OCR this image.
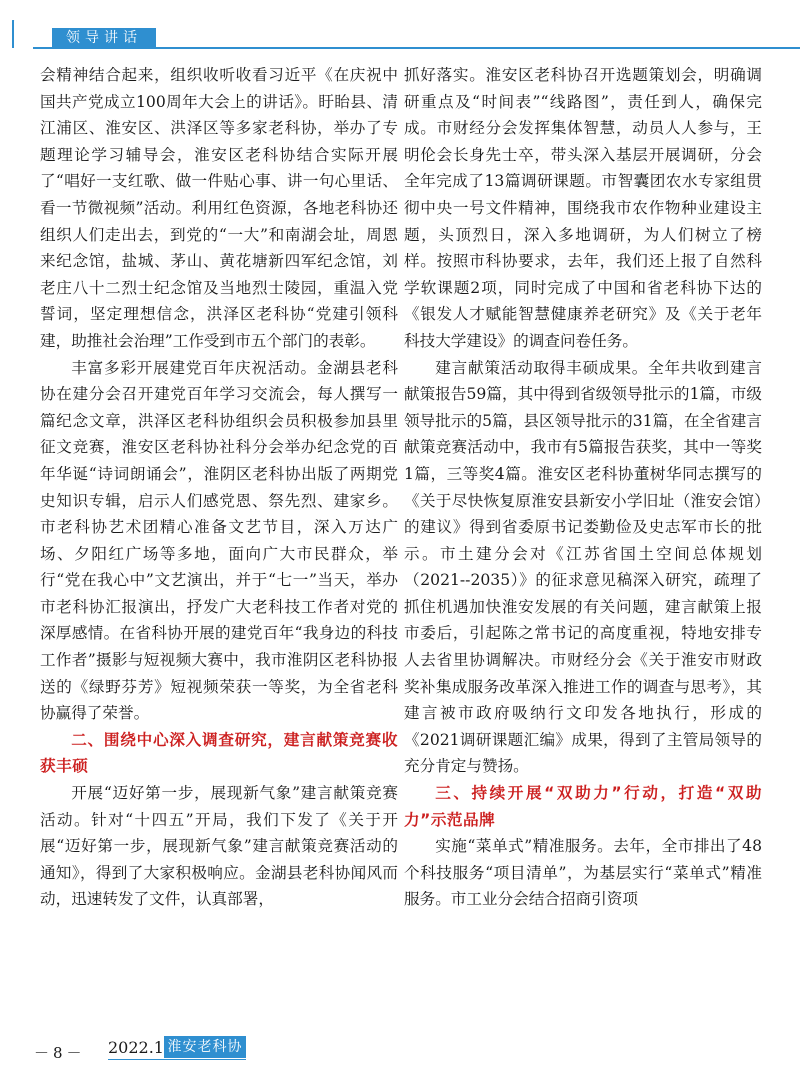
领导讲话

会精神结合起来，组织收听收看习近平《在庆祝中国共产党成立100周年大会上的讲话》。盱眙县、清江浦区、淮安区、洪泽区等多家老科协，举办了专题理论学习辅导会，淮安区老科协结合实际开展了“唱好一支红歌、做一件贴心事、讲一句心里话、看一节微视频”活动。利用红色资源，各地老科协还组织人们走出去，到党的“一大”和南湖会址，周恩来纪念馆，盐城、茅山、黄花塘新四军纪念馆，刘老庄八十二烈士纪念馆及当地烈士陵园，重温入党誓词，坚定理想信念，洪泽区老科协“党建引领科建，助推社会治理”工作受到市五个部门的表彰。

丰富多彩开展建党百年庆祝活动。金湖县老科协在建分会召开建党百年学习交流会，每人撰写一篇纪念文章，洪泽区老科协组织会员积极参加县里征文竞赛，淮安区老科协社科分会举办纪念党的百年华诞“诗词朗诵会”，淮阴区老科协出版了两期党史知识专辑，启示人们感党恩、祭先烈、建家乡。市老科协艺术团精心准备文艺节目，深入万达广场、夕阳红广场等多地，面向广大市民群众，举行“党在我心中”文艺演出，并于“七一”当天，举办市老科协汇报演出，抒发广大老科技工作者对党的深厚感情。在省科协开展的建党百年“我身边的科技工作者”摄影与短视频大赛中，我市淮阴区老科协报送的《绿野芬芳》短视频荣获一等奖，为全省老科协赢得了荣誉。

二、围绕中心深入调查研究，建言献策竞赛收获丰硕

开展“迈好第一步，展现新气象”建言献策竞赛活动。针对“十四五”开局，我们下发了《关于开展“迈好第一步，展现新气象”建言献策竞赛活动的通知》，得到了大家积极响应。金湖县老科协闻风而动，迅速转发了文件，认真部署，

抓好落实。淮安区老科协召开选题策划会，明确调研重点及“时间表”“线路图”，责任到人，确保完成。市财经分会发挥集体智慧，动员人人参与，王明伦会长身先士卒，带头深入基层开展调研，分会全年完成了13篇调研课题。市智囊团农水专家组贯彻中央一号文件精神，围绕我市农作物种业建设主题，头顶烈日，深入多地调研，为人们树立了榜样。按照市科协要求，去年，我们还上报了自然科学软课题2项，同时完成了中国和省老科协下达的《银发人才赋能智慧健康养老研究》及《关于老年科技大学建设》的调查问卷任务。

建言献策活动取得丰硕成果。全年共收到建言献策报告59篇，其中得到省级领导批示的1篇，市级领导批示的5篇，县区领导批示的31篇，在全省建言献策竞赛活动中，我市有5篇报告获奖，其中一等奖1篇，三等奖4篇。淮安区老科协董树华同志撰写的《关于尽快恢复原淮安县新安小学旧址（淮安会馆）的建议》得到省委原书记娄勤俭及史志军市长的批示。市土建分会对《江苏省国土空间总体规划（2021--2035）》的征求意见稿深入研究，疏理了抓住机遇加快淮安发展的有关问题，建言献策上报市委后，引起陈之常书记的高度重视，特地安排专人去省里协调解决。市财经分会《关于淮安市财政奖补集成服务改革深入推进工作的调查与思考》，其建言被市政府吸纳行文印发各地执行，形成的《2021调研课题汇编》成果，得到了主管局领导的充分肯定与赞扬。

三、持续开展“双助力”行动，打造“双助力”示范品牌

实施“菜单式”精准服务。去年，全市排出了48个科技服务“项目清单”，为基层实行“菜单式”精准服务。市工业分会结合招商引资项

－8－ 2022.1 淮安老科协
